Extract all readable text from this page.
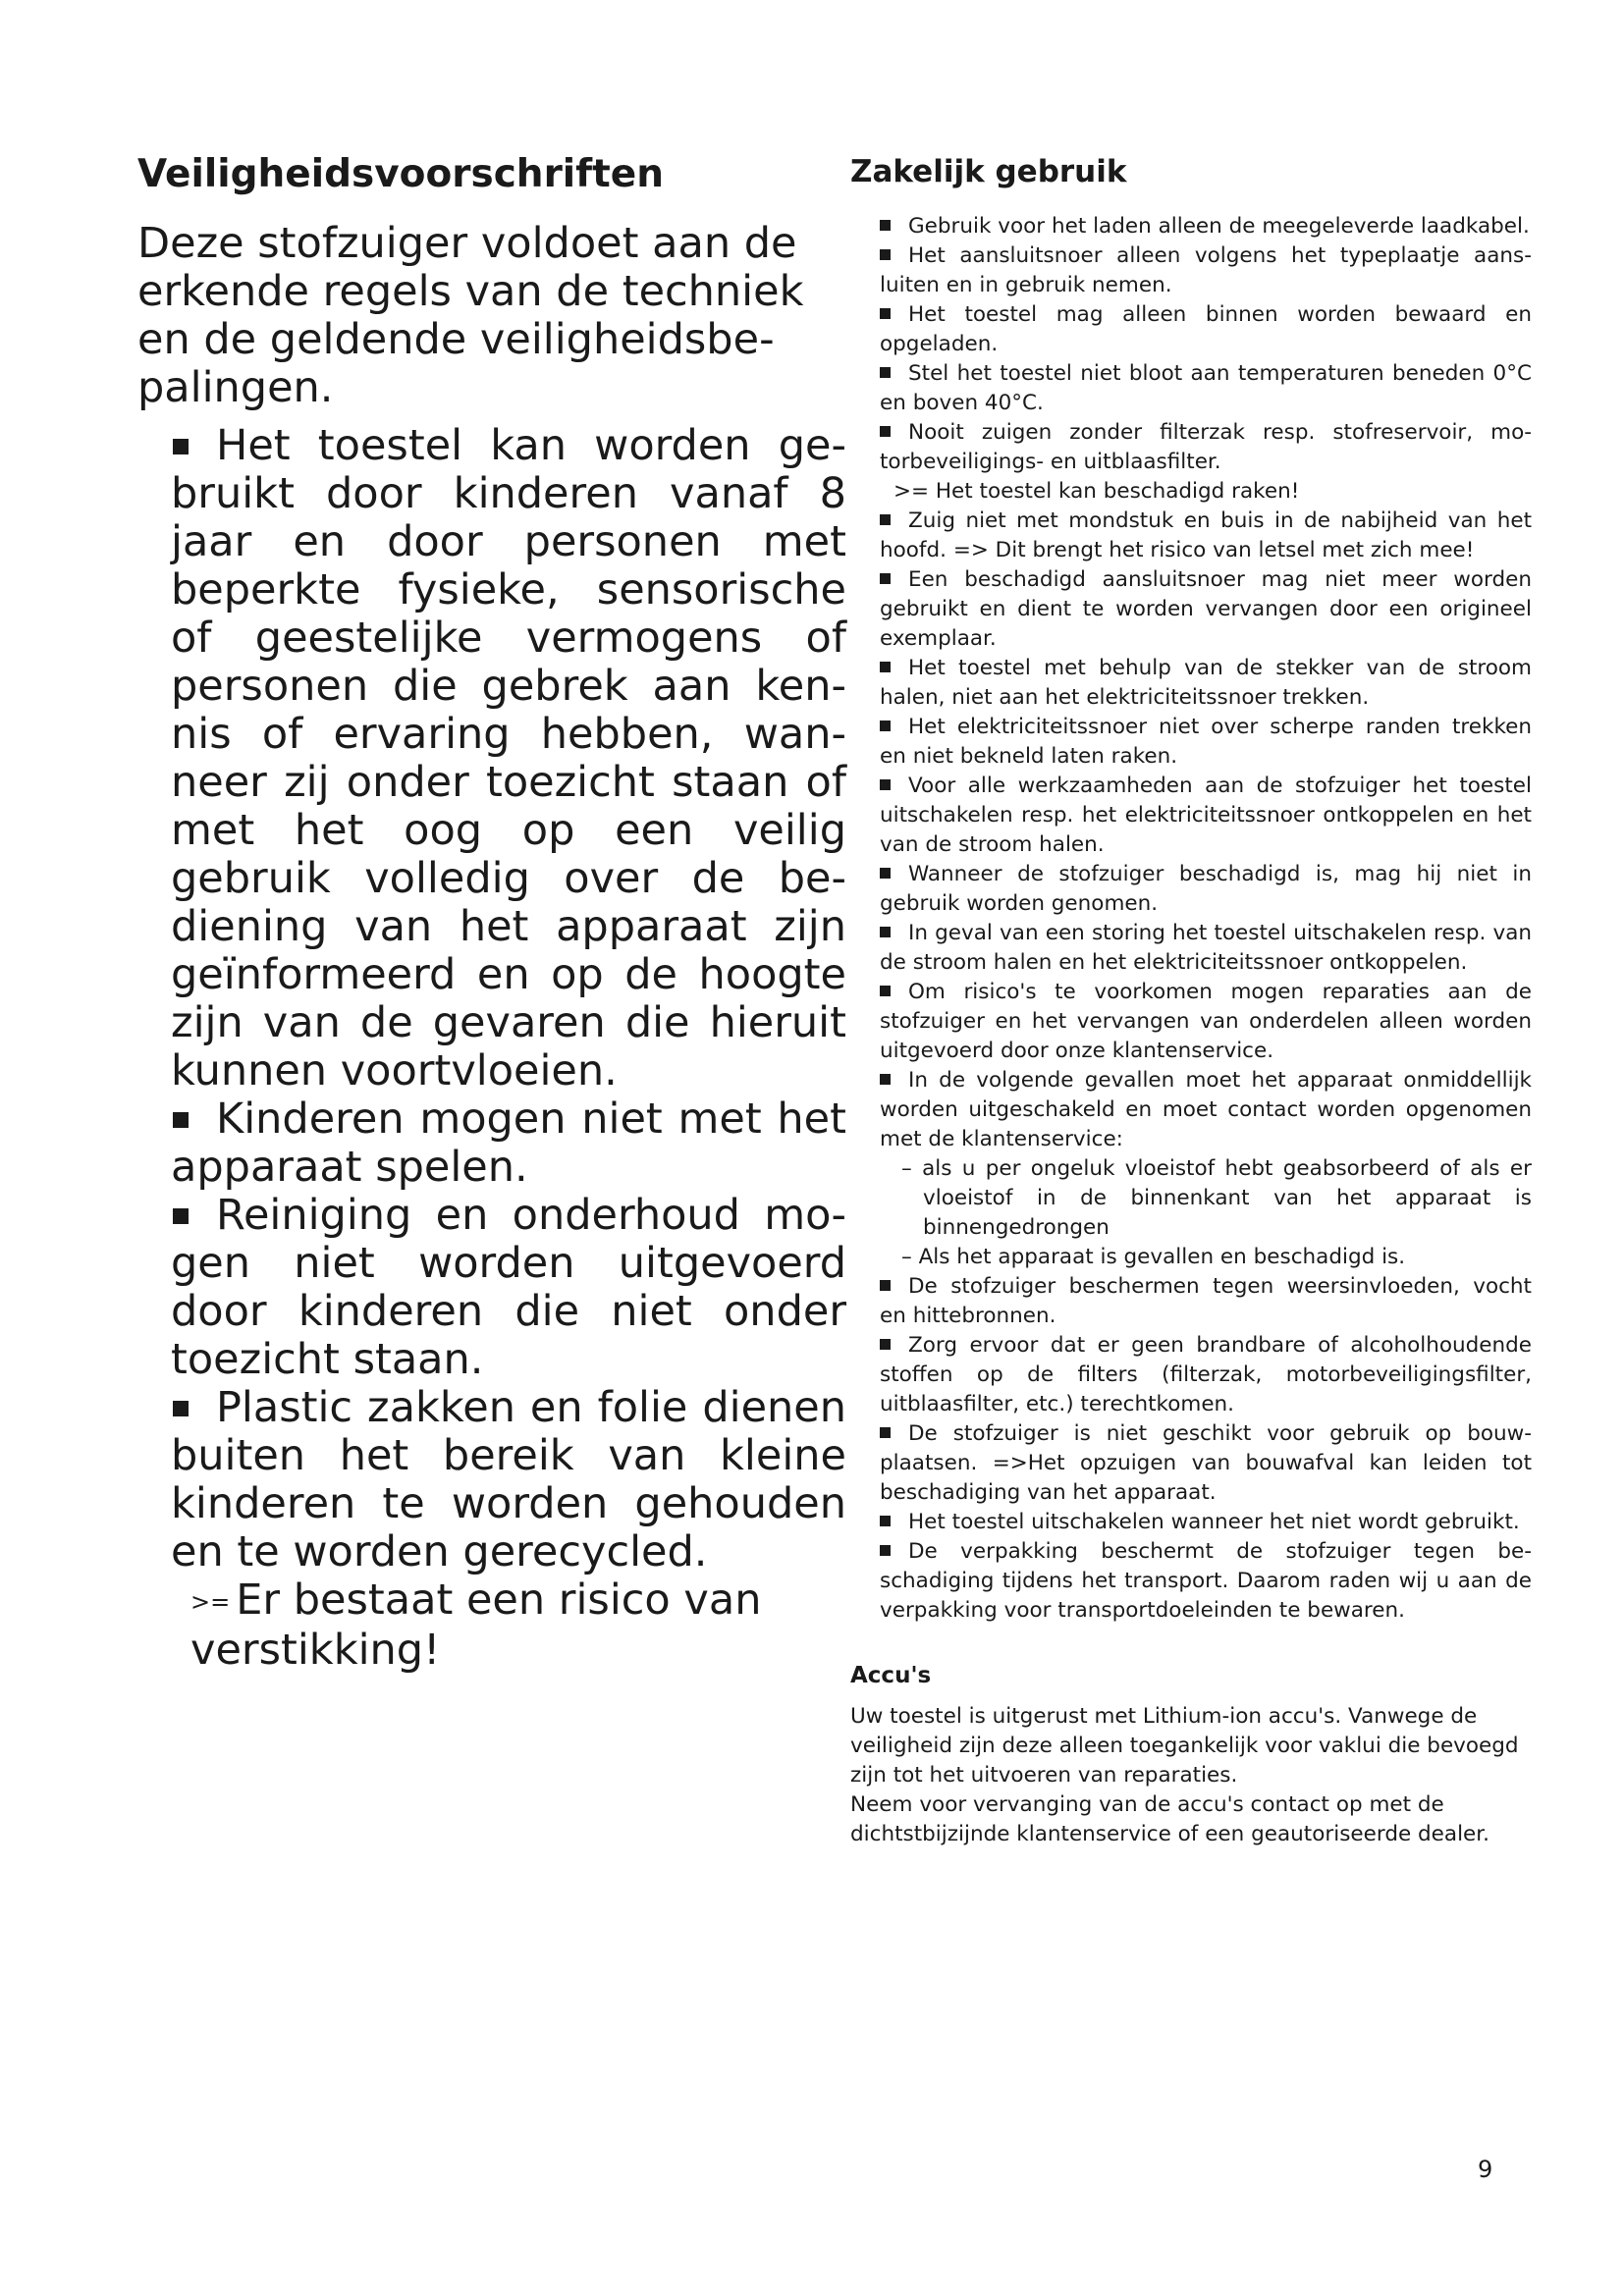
Veiligheidsvoorschriften

Deze stofzuiger voldoet aan de erkende regels van de techniek en de geldende veiligheidsbepalingen.

Het toestel kan worden gebruikt door kinderen vanaf 8 jaar en door personen met beperkte fysieke, sensorische of geestelijke vermogens of personen die gebrek aan kennis of ervaring hebben, wanneer zij onder toezicht staan of met het oog op een veilig gebruik volledig over de bediening van het apparaat zijn geïnformeerd en op de hoogte zijn van de gevaren die hieruit kunnen voortvloeien.
Kinderen mogen niet met het apparaat spelen.
Reiniging en onderhoud mogen niet worden uitgevoerd door kinderen die niet onder toezicht staan.
Plastic zakken en folie dienen buiten het bereik van kleine kinderen te worden gehouden en te worden gerecycled.
>= Er bestaat een risico van verstikking!
Zakelijk gebruik
Gebruik voor het laden alleen de meegeleverde laadkabel.
Het aansluitsnoer alleen volgens het typeplaatje aansluiten en in gebruik nemen.
Het toestel mag alleen binnen worden bewaard en opgeladen.
Stel het toestel niet bloot aan temperaturen beneden 0°C en boven 40°C.
Nooit zuigen zonder filterzak resp. stofreservoir, motorbeveiligings- en uitblaasfilter.
>= Het toestel kan beschadigd raken!
Zuig niet met mondstuk en buis in de nabijheid van het hoofd. => Dit brengt het risico van letsel met zich mee!
Een beschadigd aansluitsnoer mag niet meer worden gebruikt en dient te worden vervangen door een origineel exemplaar.
Het toestel met behulp van de stekker van de stroom halen, niet aan het elektriciteitssnoer trekken.
Het elektriciteitssnoer niet over scherpe randen trekken en niet bekneld laten raken.
Voor alle werkzaamheden aan de stofzuiger het toestel uitschakelen resp. het elektriciteitssnoer ontkoppelen en het van de stroom halen.
Wanneer de stofzuiger beschadigd is, mag hij niet in gebruik worden genomen.
In geval van een storing het toestel uitschakelen resp. van de stroom halen en het elektriciteitssnoer ontkoppelen.
Om risico's te voorkomen mogen reparaties aan de stofzuiger en het vervangen van onderdelen alleen worden uitgevoerd door onze klantenservice.
In de volgende gevallen moet het apparaat onmiddellijk worden uitgeschakeld en moet contact worden opgenomen met de klantenservice:
– als u per ongeluk vloeistof hebt geabsorbeerd of als er vloeistof in de binnenkant van het apparaat is binnengedrongen
– Als het apparaat is gevallen en beschadigd is.
De stofzuiger beschermen tegen weersinvloeden, vocht en hittebronnen.
Zorg ervoor dat er geen brandbare of alcoholhoudende stoffen op de filters (filterzak, motorbeveiligingsfilter, uitblaasfilter, etc.) terechtkomen.
De stofzuiger is niet geschikt voor gebruik op bouwplaatsen. =>Het opzuigen van bouwafval kan leiden tot beschadiging van het apparaat.
Het toestel uitschakelen wanneer het niet wordt gebruikt.
De verpakking beschermt de stofzuiger tegen beschadiging tijdens het transport. Daarom raden wij u aan de verpakking voor transportdoeleinden te bewaren.
Accu's

Uw toestel is uitgerust met Lithium-ion accu's. Vanwege de veiligheid zijn deze alleen toegankelijk voor vaklui die bevoegd zijn tot het uitvoeren van reparaties.

Neem voor vervanging van de accu's contact op met de dichtstbijzijnde klantenservice of een geautoriseerde dealer.

9
